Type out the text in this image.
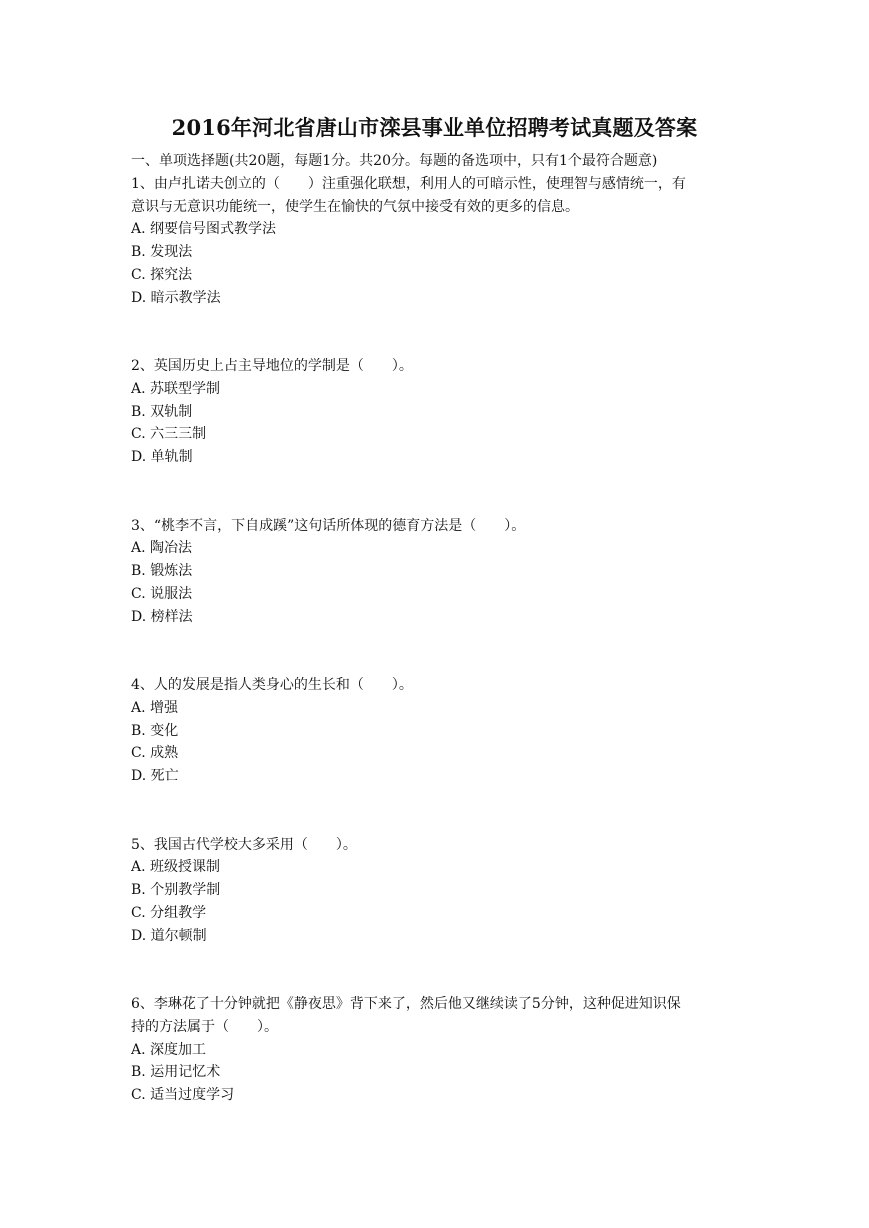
2016年河北省唐山市滦县事业单位招聘考试真题及答案

一、单项选择题(共20题，每题1分。共20分。每题的备选项中，只有1个最符合题意)

1、由卢扎诺夫创立的（　　）注重强化联想，利用人的可暗示性，使理智与感情统一，有

意识与无意识功能统一，使学生在愉快的气氛中接受有效的更多的信息。

A. 纲要信号图式教学法

B. 发现法

C. 探究法

D. 暗示教学法

2、英国历史上占主导地位的学制是（　　）。

A. 苏联型学制

B. 双轨制

C. 六三三制

D. 单轨制

3、“桃李不言，下自成蹊”这句话所体现的德育方法是（　　）。

A. 陶冶法

B. 锻炼法

C. 说服法

D. 榜样法

4、人的发展是指人类身心的生长和（　　）。

A. 增强

B. 变化

C. 成熟

D. 死亡

5、我国古代学校大多采用（　　）。

A. 班级授课制

B. 个别教学制

C. 分组教学

D. 道尔顿制

6、李琳花了十分钟就把《静夜思》背下来了，然后他又继续读了5分钟，这种促进知识保

持的方法属于（　　）。

A. 深度加工

B. 运用记忆术

C. 适当过度学习
